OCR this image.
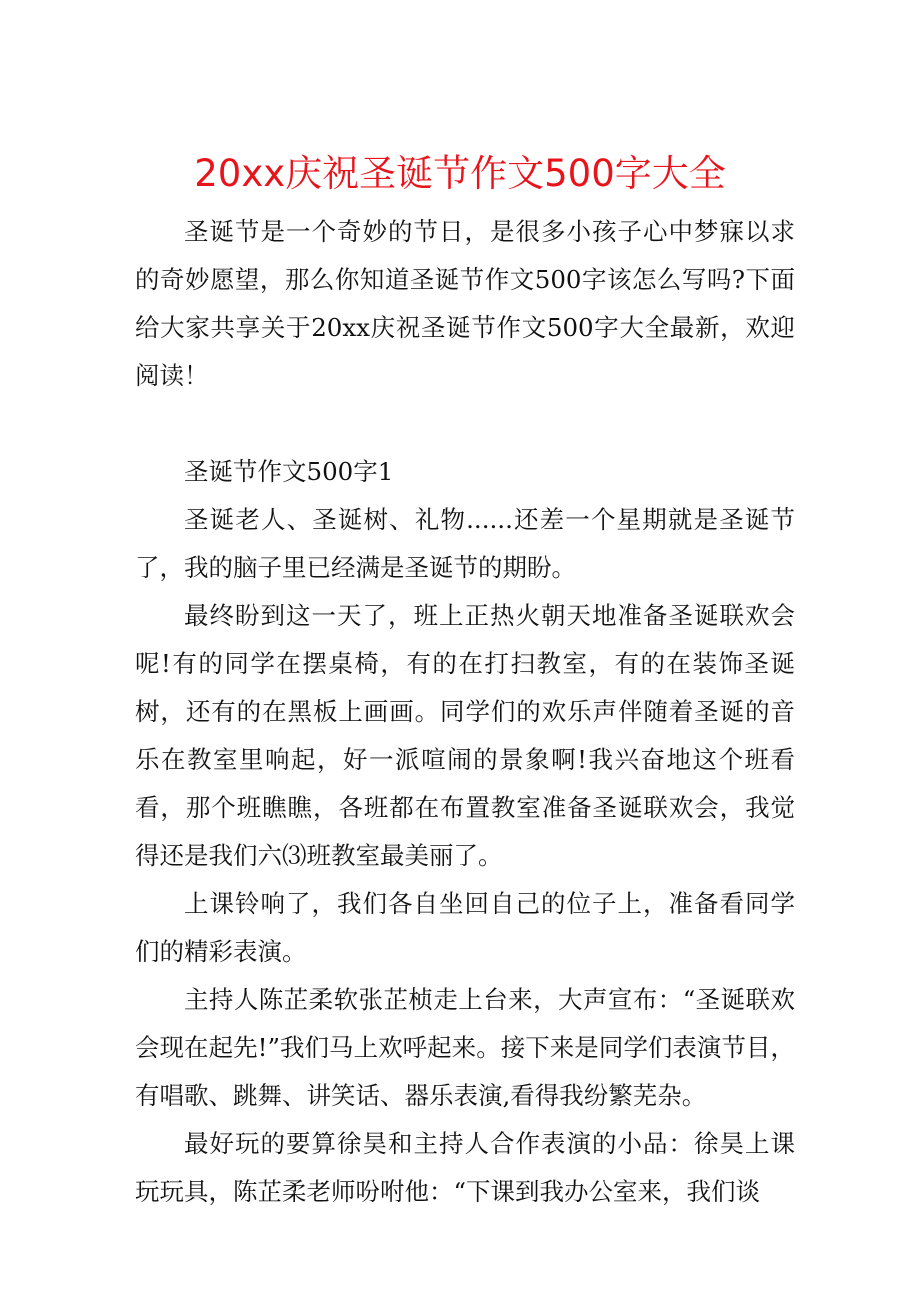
20xx庆祝圣诞节作文500字大全

圣诞节是一个奇妙的节日，是很多小孩子心中梦寐以求的奇妙愿望，那么你知道圣诞节作文500字该怎么写吗?下面给大家共享关于20xx庆祝圣诞节作文500字大全最新，欢迎阅读！

圣诞节作文500字1

圣诞老人、圣诞树、礼物......还差一个星期就是圣诞节了，我的脑子里已经满是圣诞节的期盼。

最终盼到这一天了，班上正热火朝天地准备圣诞联欢会呢!有的同学在摆桌椅，有的在打扫教室，有的在装饰圣诞树，还有的在黑板上画画。同学们的欢乐声伴随着圣诞的音乐在教室里响起，好一派喧闹的景象啊!我兴奋地这个班看看，那个班瞧瞧，各班都在布置教室准备圣诞联欢会，我觉得还是我们六⑶班教室最美丽了。

上课铃响了，我们各自坐回自己的位子上，准备看同学们的精彩表演。

主持人陈芷柔软张芷桢走上台来，大声宣布：“圣诞联欢会现在起先!”我们马上欢呼起来。接下来是同学们表演节目，有唱歌、跳舞、讲笑话、器乐表演,看得我纷繁芜杂。

最好玩的要算徐昊和主持人合作表演的小品：徐昊上课玩玩具，陈芷柔老师吩咐他：“下课到我办公室来，我们谈
